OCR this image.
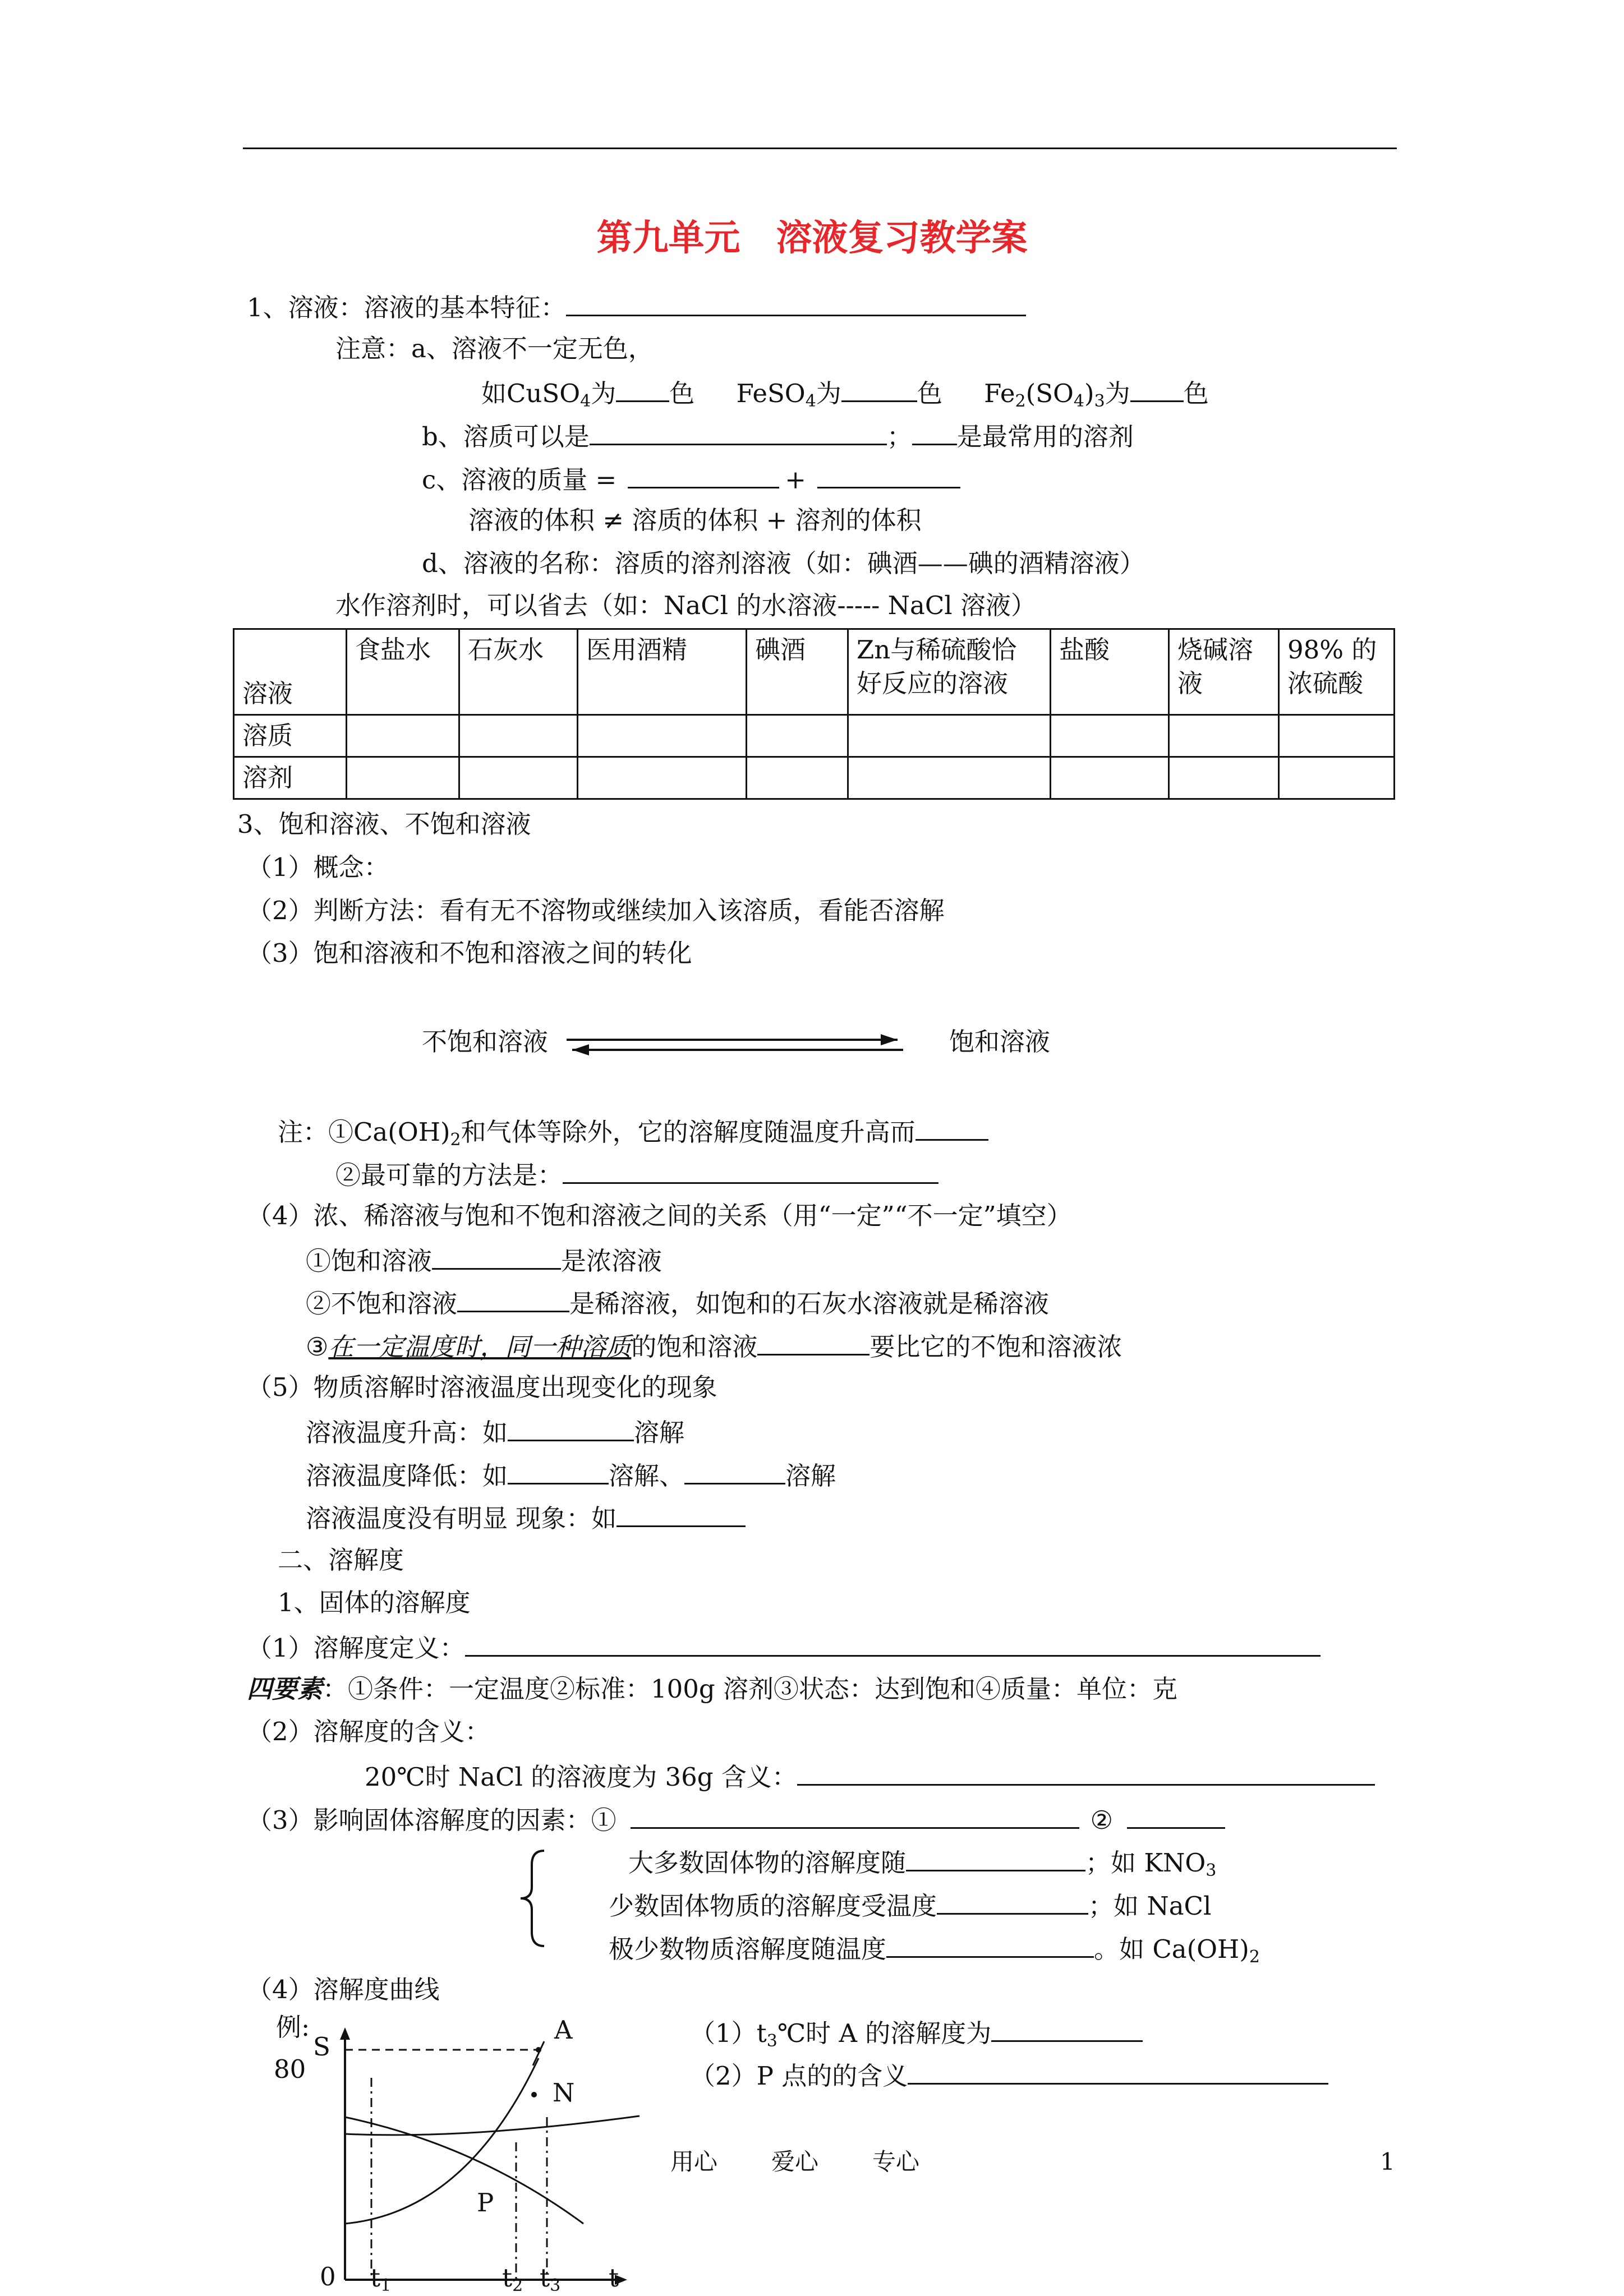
第九单元　溶液复习教学案
1、溶液：溶液的基本特征：
注意：a、溶液不一定无色，
如CuSO$_4$为 色 FeSO$_4$为	色 $Fe_2(SO_4)_3$为 色
b、溶质可以是	； 是最常用的溶剂
c、溶液的质量 =	+
溶液的体积 ≠ 溶质的体积 + 溶剂的体积
d、溶液的名称：溶质的溶剂溶液（如：碘酒——碘的酒精溶液）
水作溶剂时，可以省去（如：NaCl 的水溶液----- NaCl 溶液）
溶液	食盐水	石灰水	医用酒精	碘酒	Zn与稀硫酸恰好反应的溶液	盐酸	烧碱溶液	98% 的浓硫酸
溶质								
溶剂								
3、饱和溶液、不饱和溶液
（1）概念：
（2）判断方法：看有无不溶物或继续加入该溶质，看能否溶解
（3）饱和溶液和不饱和溶液之间的转化
不饱和溶液	饱和溶液
注：$①Ca(OH)_2$和气体等除外，它的溶解度随温度升高而
②最可靠的方法是：
（4）浓、稀溶液与饱和不饱和溶液之间的关系（用“一定”“不一定”填空）
①饱和溶液	是浓溶液
②不饱和溶液	是稀溶液，如饱和的石灰水溶液就是稀溶液
③在一定温度时，同一种溶质的饱和溶液	要比它的不饱和溶液浓
（5）物质溶解时溶液温度出现变化的现象
溶液温度升高：如	溶解
溶液温度降低：如	溶解、	溶解
溶液温度没有明显 现象：如
二、溶解度
1、固体的溶解度
（1）溶解度定义：
四要素：①条件：一定温度②标准：100g 溶剂③状态：达到饱和④质量：单位：克
（2）溶解度的含义：
20℃时 NaCl 的溶液度为 36g 含义：
（3）影响固体溶解度的因素：①	②
大多数固体物的溶解度随	；如 $KNO_3$
少数固体物质的溶解度受温度	；如 NaCl
极少数物质溶解度随温度	。如 $Ca(OH)_2$
（4）溶解度曲线
例:
S
80
A
N
P
0 $t_1$	$t_2$ $t_3$ t
$(1)t_3℃$时 A 的溶解度为
（2）P 点的的含义
用心 爱心 专心	1
